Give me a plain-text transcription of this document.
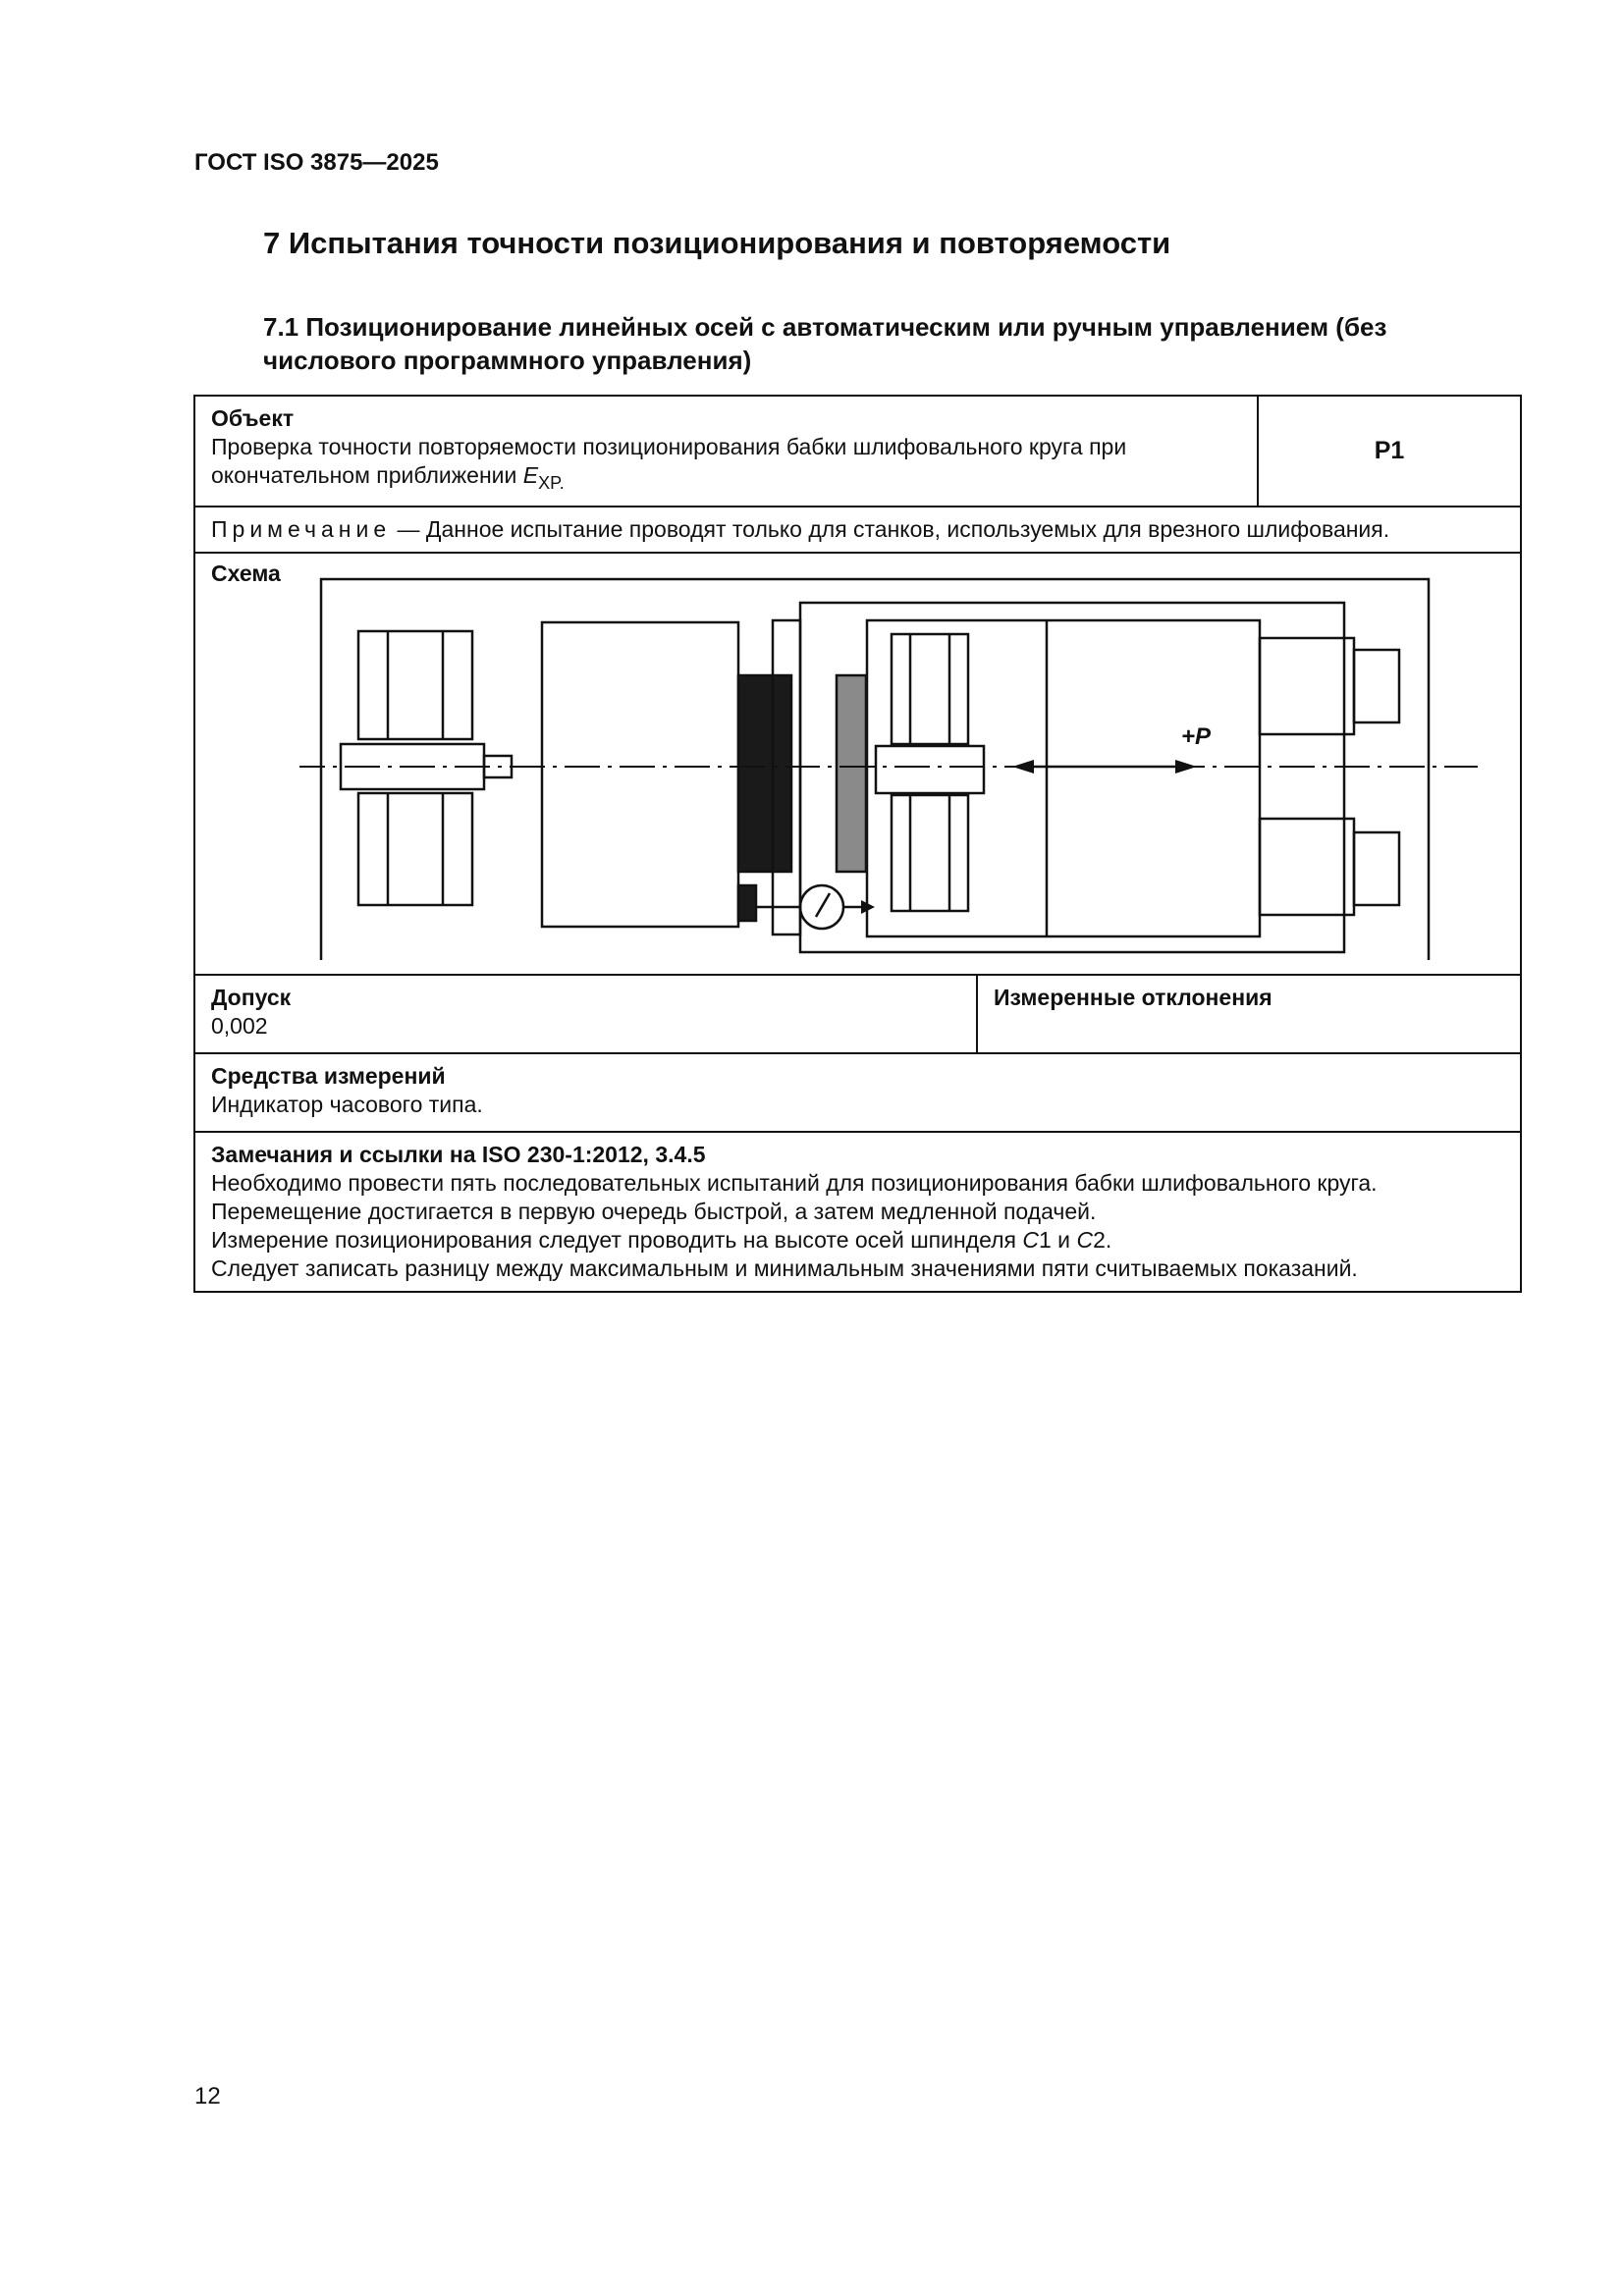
ГОСТ ISO 3875—2025
7 Испытания точности позиционирования и повторяемости
7.1 Позиционирование линейных осей с автоматическим или ручным управлением (без числового программного управления)
Объект
Проверка точности повторяемости позиционирования бабки шлифовального круга при окончательном приближении $E_{XP.}$		P1
Примечание — Данное испытание проводят только для станков, используемых для врезного шлифования.		

Схема
+P		

Допуск
0,002	Измеренные отклонения	

Средства измерений
Индикатор часового типа.		

Замечания и ссылки на ISO 230-1:2012, 3.4.5
Необходимо провести пять последовательных испытаний для позиционирования бабки шлифовального круга.
Перемещение достигается в первую очередь быстрой, а затем медленной подачей.
Измерение позиционирования следует проводить на высоте осей шпинделя C1 и C2.
Следует записать разницу между максимальным и минимальным значениями пяти считываемых показаний.		
12
